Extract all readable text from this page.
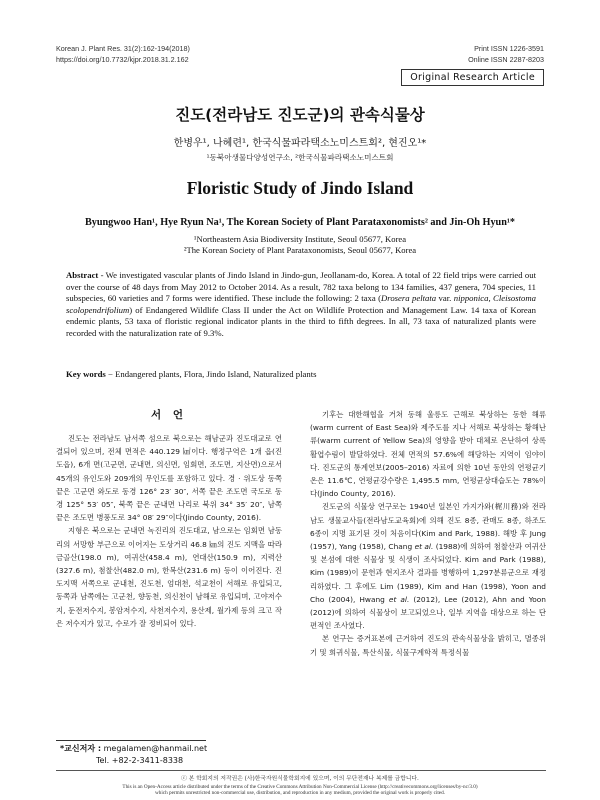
Korean J. Plant Res. 31(2):162-194(2018)
https://doi.org/10.7732/kjpr.2018.31.2.162
Print ISSN 1226-3591
Online ISSN 2287-8203
Original Research Article
진도(전라남도 진도군)의 관속식물상
한병우¹, 나혜련¹, 한국식물파라택소노미스트회², 현진오¹*
¹동북아생물다양성연구소, ²한국식물파라택소노미스트회
Floristic Study of Jindo Island
Byungwoo Han¹, Hye Ryun Na¹, The Korean Society of Plant Parataxonomists² and Jin-Oh Hyun¹*
¹Northeastern Asia Biodiversity Institute, Seoul 05677, Korea
²The Korean Society of Plant Parataxonomists, Seoul 05677, Korea
Abstract - We investigated vascular plants of Jindo Island in Jindo-gun, Jeollanam-do, Korea. A total of 22 field trips were carried out over the course of 48 days from May 2012 to October 2014. As a result, 782 taxa belong to 134 families, 437 genera, 704 species, 11 subspecies, 60 varieties and 7 forms were identified. These include the following: 2 taxa (Drosera peltata var. nipponica, Cleisostoma scolopendrifolium) of Endangered Wildlife Class II under the Act on Wildlife Protection and Management Law. 14 taxa of Korean endemic plants, 53 taxa of floristic regional indicator plants in the third to fifth degrees. In all, 73 taxa of naturalized plants were recorded with the naturalization rate of 9.3%.
Key words − Endangered plants, Flora, Jindo Island, Naturalized plants
서 언

진도는 전라남도 남서쪽 섬으로 북으로는 해남군과 진도대교로 연결되어 있으며, 전체 면적은 440.129 ㎢이다. 행정구역은 1개 읍(진도읍), 6개 면(고군면, 군내면, 의신면, 임회면, 조도면, 지산면)으로서 45개의 유인도와 209개의 무인도를 포함하고 있다. 경 · 위도상 동쪽 끝은 고군면 와도로 동경 126° 23′ 30″, 서쪽 끝은 조도면 국도로 동경 125° 53′ 05″, 북쪽 끝은 군내면 나리로 북위 34° 35′ 20″, 남쪽 끝은 조도면 병풍도로 34° 08′ 29″이다(Jindo County, 2016).

지형은 북으로는 군내면 녹진리의 진도대교, 남으로는 임회면 남동리의 서망항 부근으로 이어지는 도상거리 46.8 ㎞의 진도 지맥을 따라 금골산(198.0 m), 여귀산(458.4 m), 연대산(150.9 m), 지력산(327.6 m), 첨찰산(482.0 m), 한복산(231.6 m) 등이 이어진다. 진도지맥 서쪽으로 군내천, 진도천, 엄대천, 석교천이 서해로 유입되고, 동쪽과 남쪽에는 고군천, 향동천, 의신천이 남해로 유입되며, 고야저수지, 둔전저수지, 봉암저수지, 사천저수지, 용산제, 월가제 등의 크고 작은 저수지가 있고, 수로가 잘 정비되어 있다.

기후는 대한해협을 거쳐 동해 울릉도 근해로 북상하는 동한 해류(warm current of East Sea)와 제주도를 지나 서해로 북상하는 황해난류(warm current of Yellow Sea)의 영향을 받아 대체로 온난하여 상록활엽수림이 발달하였다. 전체 면적의 57.6%에 해당하는 지역이 임야이다. 진도군의 통계연보(2005–2016) 자료에 의한 10년 동안의 연평균기온은 11.6℃, 연평균강수량은 1,495.5 mm, 연평균상대습도는 78%이다(Jindo County, 2016).

진도군의 식물상 연구로는 1940년 일본인 가지가와(梶川務)와 전라남도 생물교사들(전라남도교육회)에 의해 진도 8종, 관매도 8종, 하조도 6종이 지명 표기된 것이 처음이다(Kim and Park, 1988). 해방 후 Jung (1957), Yang (1958), Chang et al. (1988)에 의하여 첨찰산과 여귀산 및 본섬에 대한 식물상 및 식생이 조사되었다. Kim and Park (1988), Kim (1989)이 문헌과 현지조사 결과를 병행하여 1,297분류군으로 재정리하였다. 그 후에도 Lim (1989), Kim and Han (1998), Yoon and Cho (2004), Hwang et al. (2012), Lee (2012), Ahn and Yoon (2012)에 의하여 식물상이 보고되었으나, 일부 지역을 대상으로 하는 단편적인 조사였다.

본 연구는 증거표본에 근거하여 진도의 관속식물상을 밝히고, 멸종위기 및 희귀식물, 특산식물, 식물구계학적 특정식물

*교신저자 : megalamen@hanmail.net
Tel. +82-2-3411-8338
ⓒ 본 학회지의 저작권은 (사)한국자원식물학회지에 있으며, 이의 무단전재나 복제를 금합니다.
This is an Open-Access article distributed under the terms of the Creative Commons Attribution Non-Commercial License (http://creativecommons.org/licenses/by-nc/3.0)
which permits unrestricted non-commercial use, distribution, and reproduction in any medium, provided the original work is properly cited.
